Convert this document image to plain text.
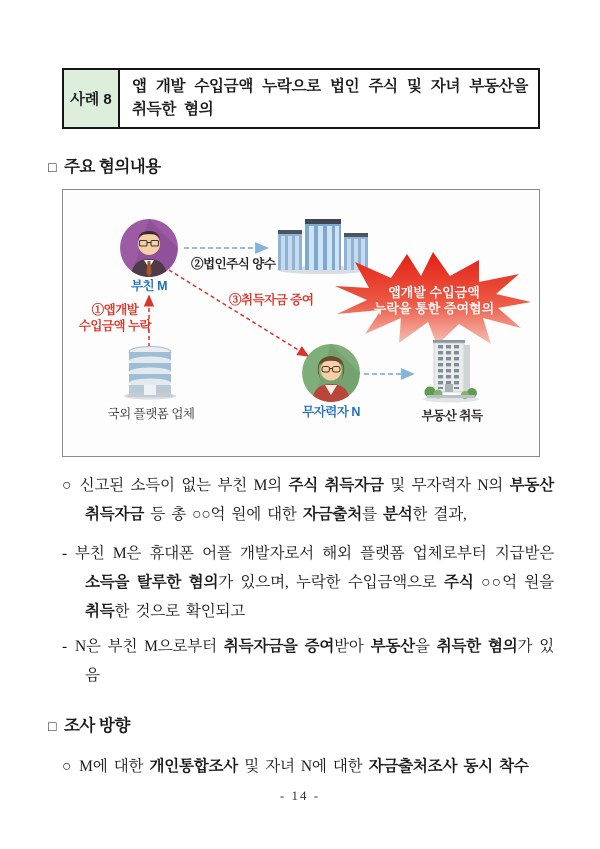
사례 8
앱 개발 수입금액 누락으로 법인 주식 및 자녀 부동산을 취득한 혐의
□ 주요 혐의내용
부친 M
②법인주식 양수
앱개발 수입금액
누락을 통한 증여혐의
③취득자금 증여
①앱개발
수입금액 누락
국외 플랫폼 업체	무자력자 N	부동산 취득

○ 신고된 소득이 없는 부친 M의 주식 취득자금 및 무자력자 N의 부동산 취득자금 등 총 ○○억 원에 대한 자금출처를 분석한 결과,

- 부친 M은 휴대폰 어플 개발자로서 해외 플랫폼 업체로부터 지급받은 소득을 탈루한 혐의가 있으며, 누락한 수입금액으로 주식 ○○억 원을 취득한 것으로 확인되고

- N은 부친 M으로부터 취득자금을 증여받아 부동산을 취득한 혐의가 있음

□ 조사 방향

○ M에 대한 개인통합조사 및 자녀 N에 대한 자금출처조사 동시 착수

- 14 -
